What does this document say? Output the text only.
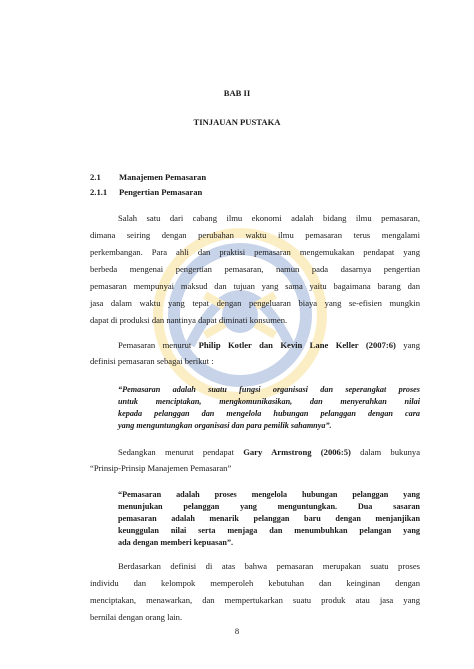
BAB II
TINJAUAN PUSTAKA
2.1 Manajemen Pemasaran
2.1.1 Pengertian Pemasaran
Salah satu dari cabang ilmu ekonomi adalah bidang ilmu pemasaran,
dimana seiring dengan perubahan waktu ilmu pemasaran terus mengalami
perkembangan. Para ahli dan praktisi pemasaran mengemukakan pendapat yang
berbeda mengenai pengertian pemasaran, namun pada dasarnya pengertian
pemasaran mempunyai maksud dan tujuan yang sama yaitu bagaimana barang dan
jasa dalam waktu yang tepat dengan pengeluaran biaya yang se-efisien mungkin
dapat di produksi dan nantinya dapat diminati konsumen.
Pemasaran menurut Philip Kotler dan Kevin Lane Keller (2007:6) yang
definisi pemasaran sebagai berikut :
“Pemasaran adalah suatu fungsi organisasi dan seperangkat proses
untuk menciptakan, mengkomunikasikan, dan menyerahkan nilai
kepada pelanggan dan mengelola hubungan pelanggan dengan cara
yang menguntungkan organisasi dan para pemilik sahamnya”.
Sedangkan menurut pendapat Gary Armstrong (2006:5) dalam bukunya
“Prinsip-Prinsip Manajemen Pemasaran”
“Pemasaran adalah proses mengelola hubungan pelanggan yang
menunjukan pelanggan yang menguntungkan. Dua sasaran
pemasaran adalah menarik pelanggan baru dengan menjanjikan
keunggulan nilai serta menjaga dan menumbuhkan pelangan yang
ada dengan memberi kepuasan”.
Berdasarkan definisi di atas bahwa pemasaran merupakan suatu proses
individu dan kelompok memperoleh kebutuhan dan keinginan dengan
menciptakan, menawarkan, dan mempertukarkan suatu produk atau jasa yang
bernilai dengan orang lain.
8
